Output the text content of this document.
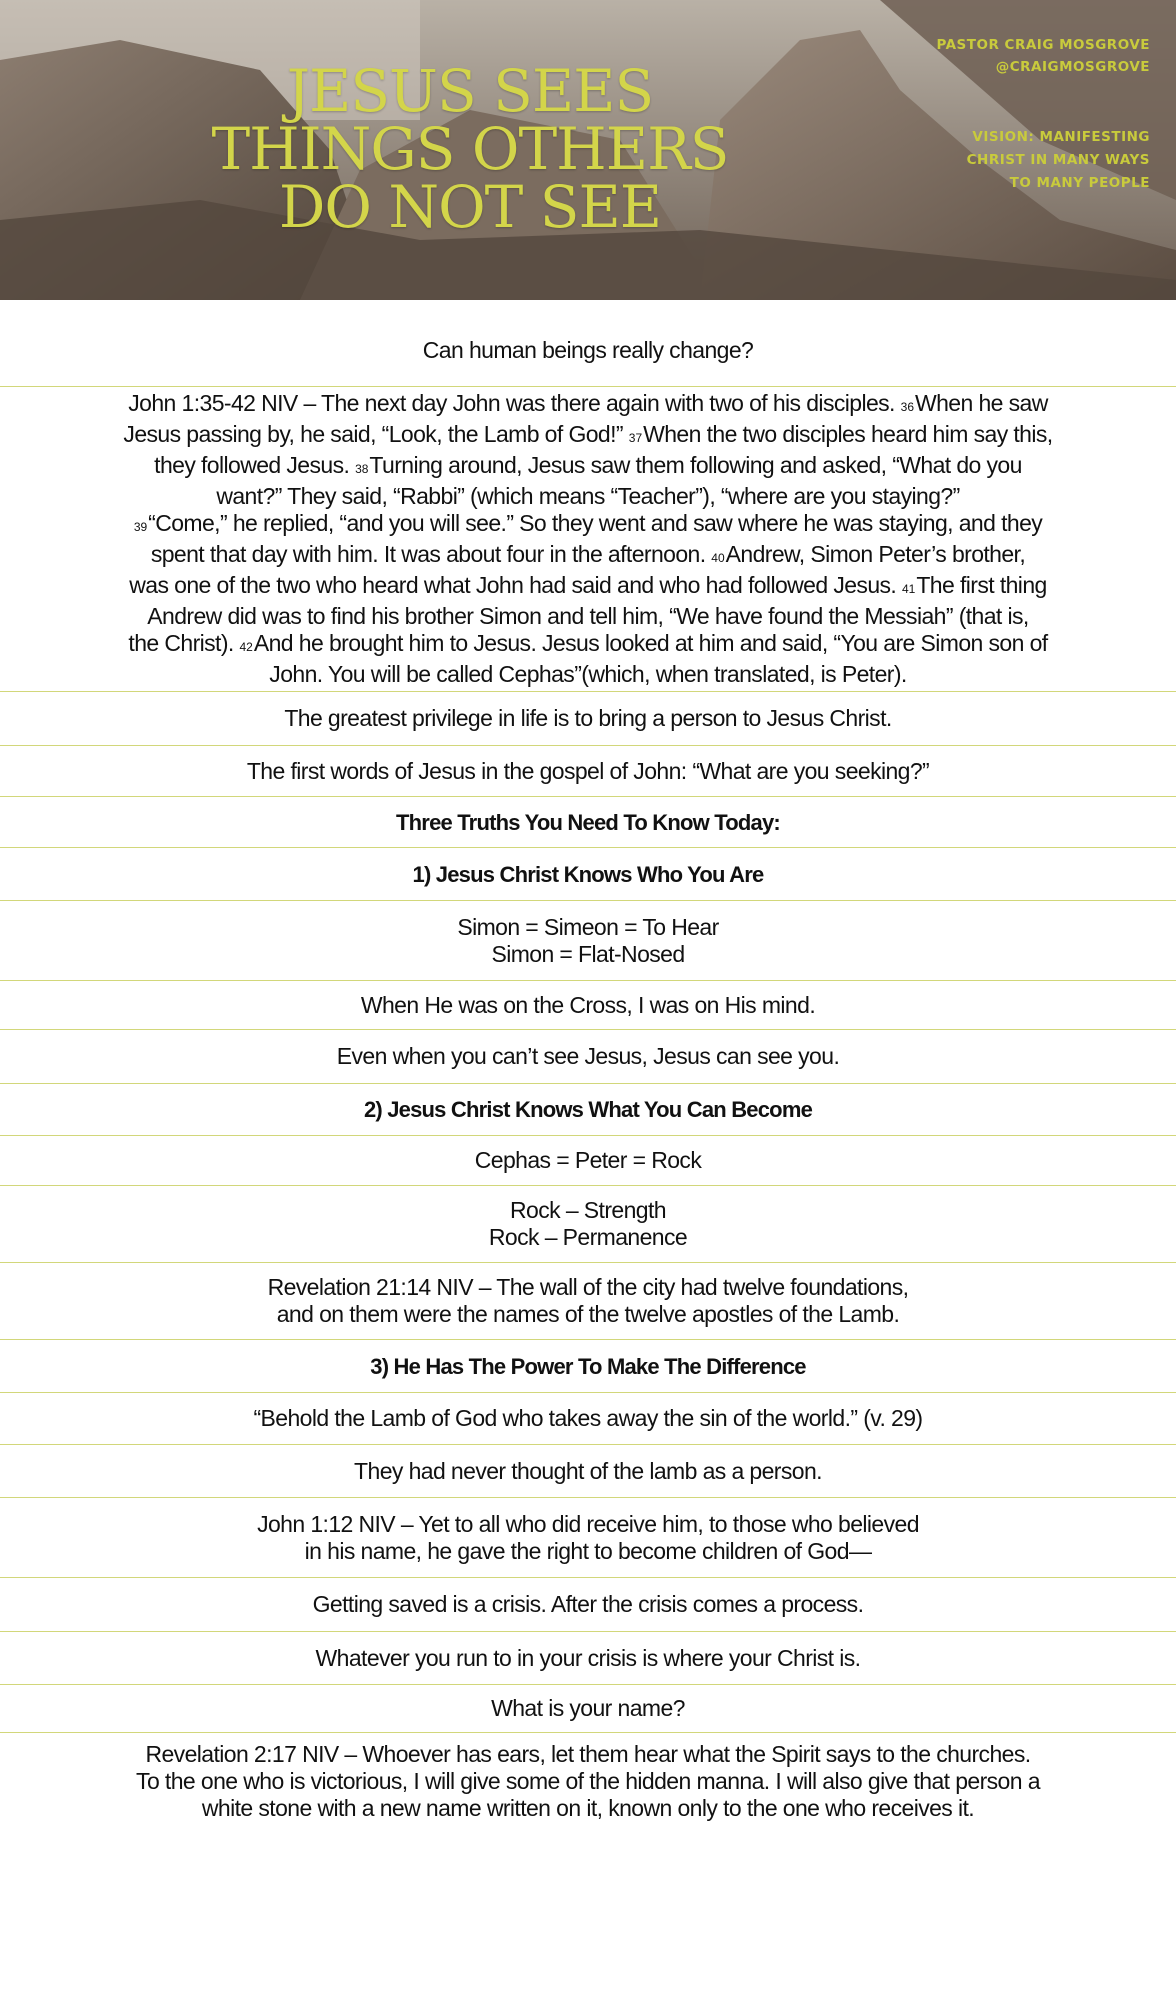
JESUS SEES
THINGS OTHERS
DO NOT SEE
PASTOR CRAIG MOSGROVE
@CRAIGMOSGROVE
VISION: MANIFESTING
CHRIST IN MANY WAYS
TO MANY PEOPLE
Can human beings really change?
John 1:35-42 NIV – The next day John was there again with two of his disciples. 36When he saw
Jesus passing by, he said, “Look, the Lamb of God!” 37When the two disciples heard him say this,
they followed Jesus. 38Turning around, Jesus saw them following and asked, “What do you
want?” They said, “Rabbi” (which means “Teacher”), “where are you staying?”
39“Come,” he replied, “and you will see.” So they went and saw where he was staying, and they
spent that day with him. It was about four in the afternoon. 40Andrew, Simon Peter’s brother,
was one of the two who heard what John had said and who had followed Jesus. 41The first thing
Andrew did was to find his brother Simon and tell him, “We have found the Messiah” (that is,
the Christ). 42And he brought him to Jesus. Jesus looked at him and said, “You are Simon son of
John. You will be called Cephas”(which, when translated, is Peter).
The greatest privilege in life is to bring a person to Jesus Christ.
The first words of Jesus in the gospel of John: “What are you seeking?”
Three Truths You Need To Know Today:
1) Jesus Christ Knows Who You Are
Simon = Simeon = To Hear
Simon = Flat-Nosed
When He was on the Cross, I was on His mind.
Even when you can’t see Jesus, Jesus can see you.
2) Jesus Christ Knows What You Can Become
Cephas = Peter = Rock
Rock – Strength
Rock – Permanence
Revelation 21:14 NIV – The wall of the city had twelve foundations,
and on them were the names of the twelve apostles of the Lamb.
3) He Has The Power To Make The Difference
“Behold the Lamb of God who takes away the sin of the world.” (v. 29)
They had never thought of the lamb as a person.
John 1:12 NIV – Yet to all who did receive him, to those who believed
in his name, he gave the right to become children of God—
Getting saved is a crisis. After the crisis comes a process.
Whatever you run to in your crisis is where your Christ is.
What is your name?
Revelation 2:17 NIV – Whoever has ears, let them hear what the Spirit says to the churches.
To the one who is victorious, I will give some of the hidden manna. I will also give that person a
white stone with a new name written on it, known only to the one who receives it.
